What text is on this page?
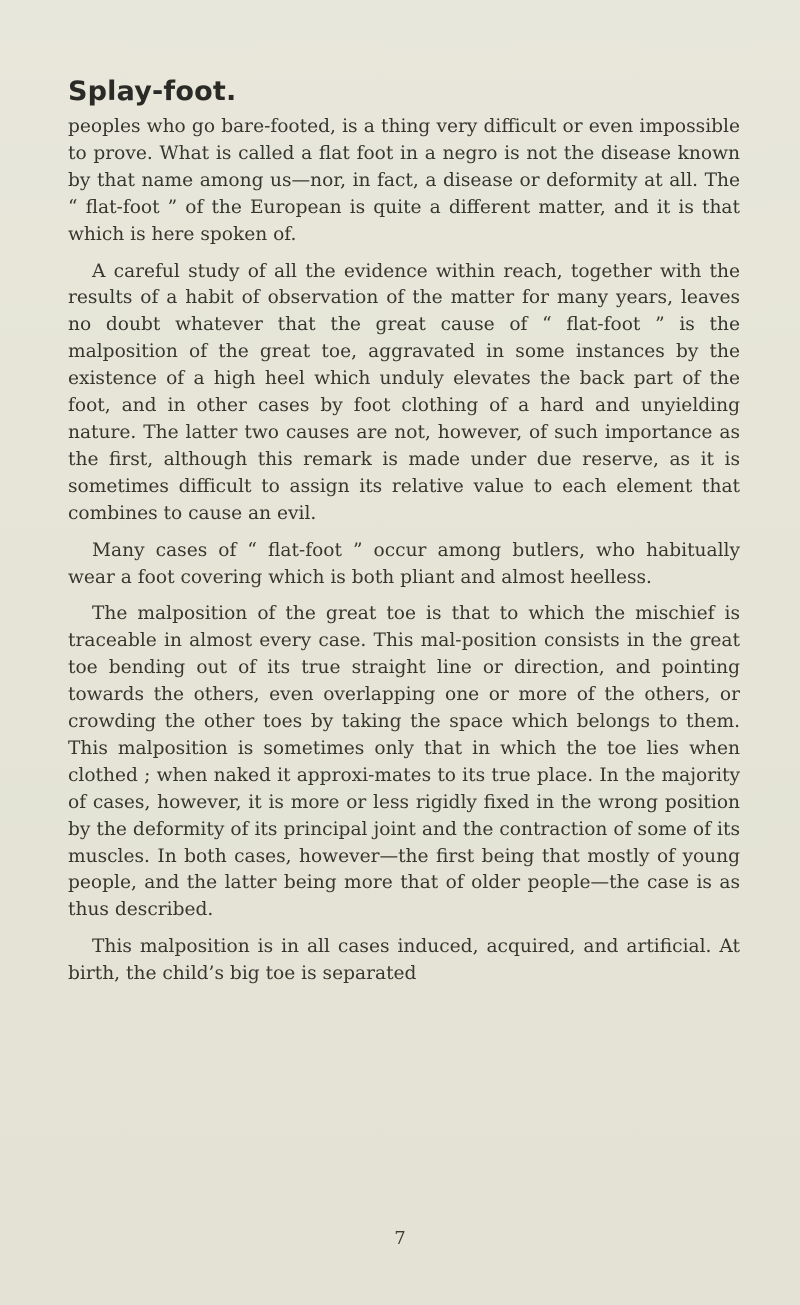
Splay-foot.

peoples who go bare-footed, is a thing very difficult or even impossible to prove. What is called a flat foot in a negro is not the disease known by that name among us—nor, in fact, a disease or deformity at all. The “ flat-foot ” of the European is quite a different matter, and it is that which is here spoken of.

A careful study of all the evidence within reach, together with the results of a habit of observation of the matter for many years, leaves no doubt whatever that the great cause of “ flat-foot ” is the malposition of the great toe, aggravated in some instances by the existence of a high heel which unduly elevates the back part of the foot, and in other cases by foot clothing of a hard and unyielding nature. The latter two causes are not, however, of such importance as the first, although this remark is made under due reserve, as it is sometimes difficult to assign its relative value to each element that combines to cause an evil.

Many cases of “ flat-foot ” occur among butlers, who habitually wear a foot covering which is both pliant and almost heelless.

The malposition of the great toe is that to which the mischief is traceable in almost every case. This mal-position consists in the great toe bending out of its true straight line or direction, and pointing towards the others, even overlapping one or more of the others, or crowding the other toes by taking the space which belongs to them. This malposition is sometimes only that in which the toe lies when clothed ; when naked it approxi-mates to its true place. In the majority of cases, however, it is more or less rigidly fixed in the wrong position by the deformity of its principal joint and the contraction of some of its muscles. In both cases, however—the first being that mostly of young people, and the latter being more that of older people—the case is as thus described.

This malposition is in all cases induced, acquired, and artificial. At birth, the child’s big toe is separated

7
